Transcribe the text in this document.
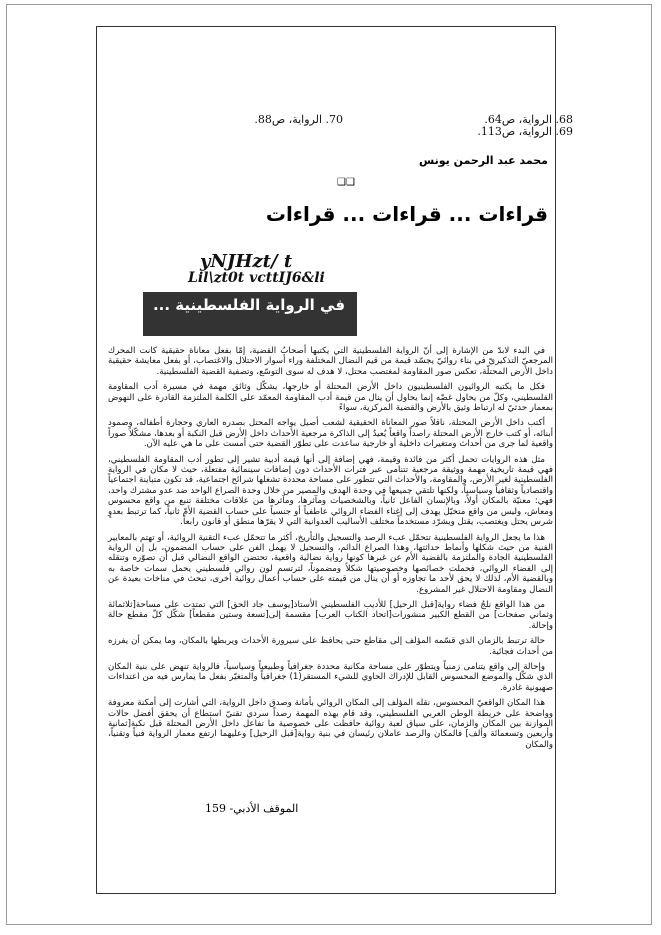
68. الرواية، ص64.
69. الرواية، ص113.
70. الرواية، ص88.
محمد عبد الرحمن يونس
❑❑
قراءات ... قراءات ... قراءات
yNJHzt/ t
Lil\zt0t vcttIJ6&li
في الرواية الفلسطينية ...

في البدء لابدّ من الإشارة إلى أنّ الرواية الفلسطينية التي يكتبها أصحابُ القضية، إمّا بفعل معاناة حقيقية كانت المحرك المرجعيّ التذكيريّ في بناء روائيّ يجسّد قيمة من قيم النضال المختلفة وراء أسوار الاحتلال والاغتصاب، أو بفعل معايشة حقيقية داخل الأرض المحتلّة، تعكس صور المقاومة لمغتصب محتل، لا هدف له سوى التوسّع، وتصفية القضية الفلسطينية.

فكل ما يكتبه الروائيون الفلسطينيون داخل الأرض المحتلة أو خارجها، يشكّل وثائق مهمة في مسيرة أدب المقاومة الفلسطيني، وكلّ من يحاول غضّه إنما يحاول أن ينال من قيمة أدب المقاومة المعمّد على الكلمة الملتزمة القادرة على النهوض بمعمار حدثيّ له ارتباط وثيق بالأرض والقضية المركزية، سواءً

أكتب داخل الأرض المحتلة، ناقلاً صور المعاناة الحقيقية لشعب أصيل يواجه المحتل بصدره العاري وحجارة أطفاله، وصمود أبنائه، أو كتب خارج الأرض المحتلة راصداً واقعاً يُعيدُ إلى الذاكرة مرجعية الأحداث داخل الأرض قبل النكبة أو بعدها، مشكّلاً صوراً واقعية لما جرى من أحداث ومتغيرات داخلية أو خارجية ساعدت على تطوّر القضية حتى أمست على ما هي عليه الآن.

مثل هذه الروايات تحمل أكثر من فائدة وقيمة، فهي إضافة إلى أنها قيمة أدبية تشير إلى تطور أدب المقاومة الفلسطيني، فهي قيمة تاريخية مهمة ووثيقة مرجعية تتنامى عبر فترات الأحداث دون إضافات سينمائية مفتعلة، حيث لا مكان في الرواية الفلسطينية لغير الأرض، والمقاومة، والأحداث التي تتطور على مساحة محددة تشغلها شرائح اجتماعية، قد تكون متباينة اجتماعياً واقتصادياً وثقافياً وسياسياً، ولكنها تلتقي جميعها في وحدة الهدف والمصير من خلال وحدة الصراع الواحد ضد عدو مشترك واحد، فهي: معنيّة بالمكان أولاً، وبالإنسان الفاعل ثانياً، وبالشخصيات ومآثرها، ومآثرها من علاقات مختلفة تنبع من واقع محسوس ومعاش، وليس من واقع متخيّل يهدف إلى إغناء الفضاء الروائي عاطفياً أو جنسياً على حساب القضية الأمّ ثانياً، كما ترتبط بعدوٍ شرس يحتل ويغتصب، يقتل ويشرّد مستخدماً مختلف الأساليب العدوانية التي لا يقرّها منطق أو قانون رابعاً.

هذا ما يجعل الرواية الفلسطينية تتحمّل عبء الرصد والتسجيل والتأريخ، أكثر ما تتحمّل عبء التقنية الروائية، أو تهتم بالمعايير الفنية من حيث شكلها وأنماط حداثتها، وهذا الصراع الدائم، والتسجيل لا يهمل الفن على حساب المضمون، بل إن الرواية الفلسطينية الجادة والملتزمة بالقضية الأم عن غيرها كونها رواية نضالية واقعية، تحتضن الواقع النضالي قبل أن تصوّره وتنقله إلى الفضاء الروائي، فحملت خصائصها وخصوصيتها شكلاً ومضموناً، لترتسم لون روائي فلسطيني يحمل سمات خاصة به وبالقضية الأم، لذلك لا يحق لأحد ما تجاوزه أو أن ينال من قيمته على حساب أعمال روائية أخرى، تبحث في مناخات بعيدة عن النضال ومقاومة الاحتلال غير المشروع.

من هذا الواقع نلجُ فضاء رواية[قبل الرحيل] للأديب الفلسطيني الأستاذ[يوسف جاد الحق] التي تمتدت على مساحة[ثلاثمائة وثماني صفحات] من القطع الكبير منشورات[اتحاد الكتاب العرب] مقسمة إلى[تسعة وستين مقطعاً] شكّل كلّ مقطع حالة وإحالة.

حالة ترتبط بالزمان الذي قسّمه المؤلف إلى مقاطع حتى يحافظ على سيرورة الأحداث ويربطها بالمكان، وما يمكن أن يفرزه من أحداث فجائية.

وإحالة إلى واقع يتنامى زمنياً ويتطوّر على مساحة مكانية محددة جغرافياً وطبيعياً وسياسياً، فالرواية تنهض على بنية المكان الذي شكّل والموضع المحسوس القابل للإدراك الحاوي للشيء المستقر(1) جغرافياً والمتغيّر بفعل ما يمارس فيه من اعتداءات صهيونية غادرة.

هذا المكان الواقعيّ المحسوس، نقله المؤلف إلى المكان الروائي بأمانة وصدق داخل الرواية، التي أشارت إلى أمكنة معروفة وواضحة على خريطة الوطن العربي الفلسطيني، وقد قام بهذه المهمة رصداً سردي تقنيّ استطاع أن يحقق أفضل حالات الموازنة بين المكان والزمان، على سياق لعبة روائية حافظت على خصوصية ما تفاعل داخل الأرض المحتلة قبل نكبة[ثمانية وأربعين وتسعمائة وألف] فالمكان والرصد عاملان رئيسان في بنية رواية[قبل الرحيل] وعليهما ارتفع معمار الرواية فنياً وتقنياً، والمكان

الموقف الأدبي- 159
